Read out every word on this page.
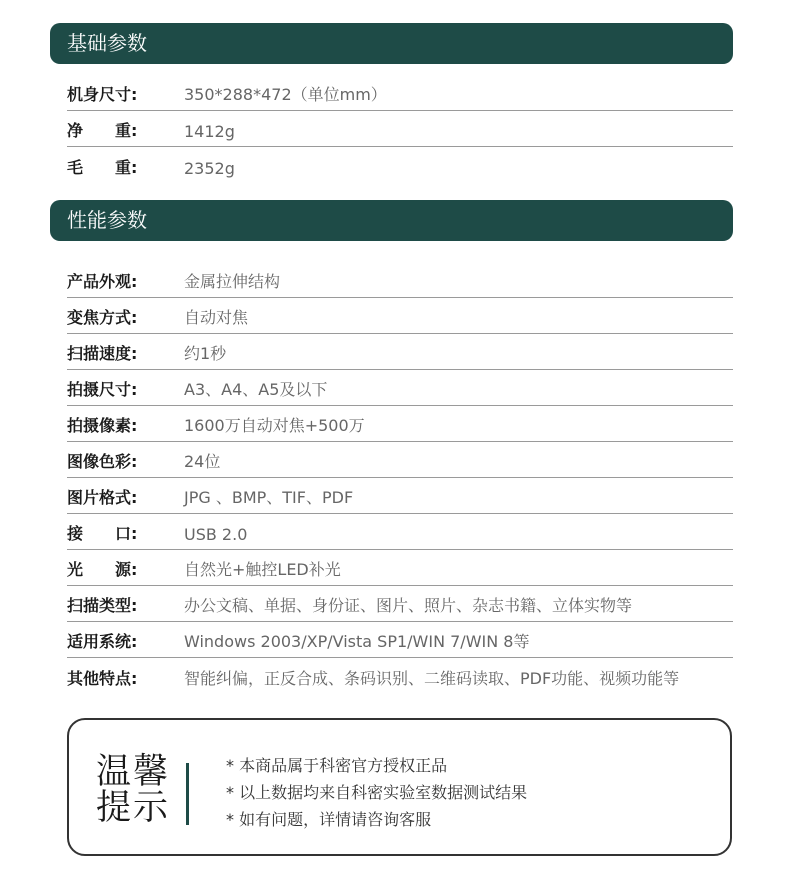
基础参数
机身尺寸:	350*288*472（单位mm）
净　　重:	1412g
毛　　重:	2352g
性能参数
产品外观:	金属拉伸结构
变焦方式:	自动对焦
扫描速度:	约1秒
拍摄尺寸:	A3、A4、A5及以下
拍摄像素:	1600万自动对焦+500万
图像色彩:	24位
图片格式:	JPG 、BMP、TIF、PDF
接　　口:	USB 2.0
光　　源:	自然光+触控LED补光
扫描类型:	办公文稿、单据、身份证、图片、照片、杂志书籍、立体实物等
适用系统:	Windows 2003/XP/Vista SP1/WIN 7/WIN 8等
其他特点:	智能纠偏，正反合成、条码识别、二维码读取、PDF功能、视频功能等
温馨提示
* 本商品属于科密官方授权正品
* 以上数据均来自科密实验室数据测试结果
* 如有问题，详情请咨询客服
